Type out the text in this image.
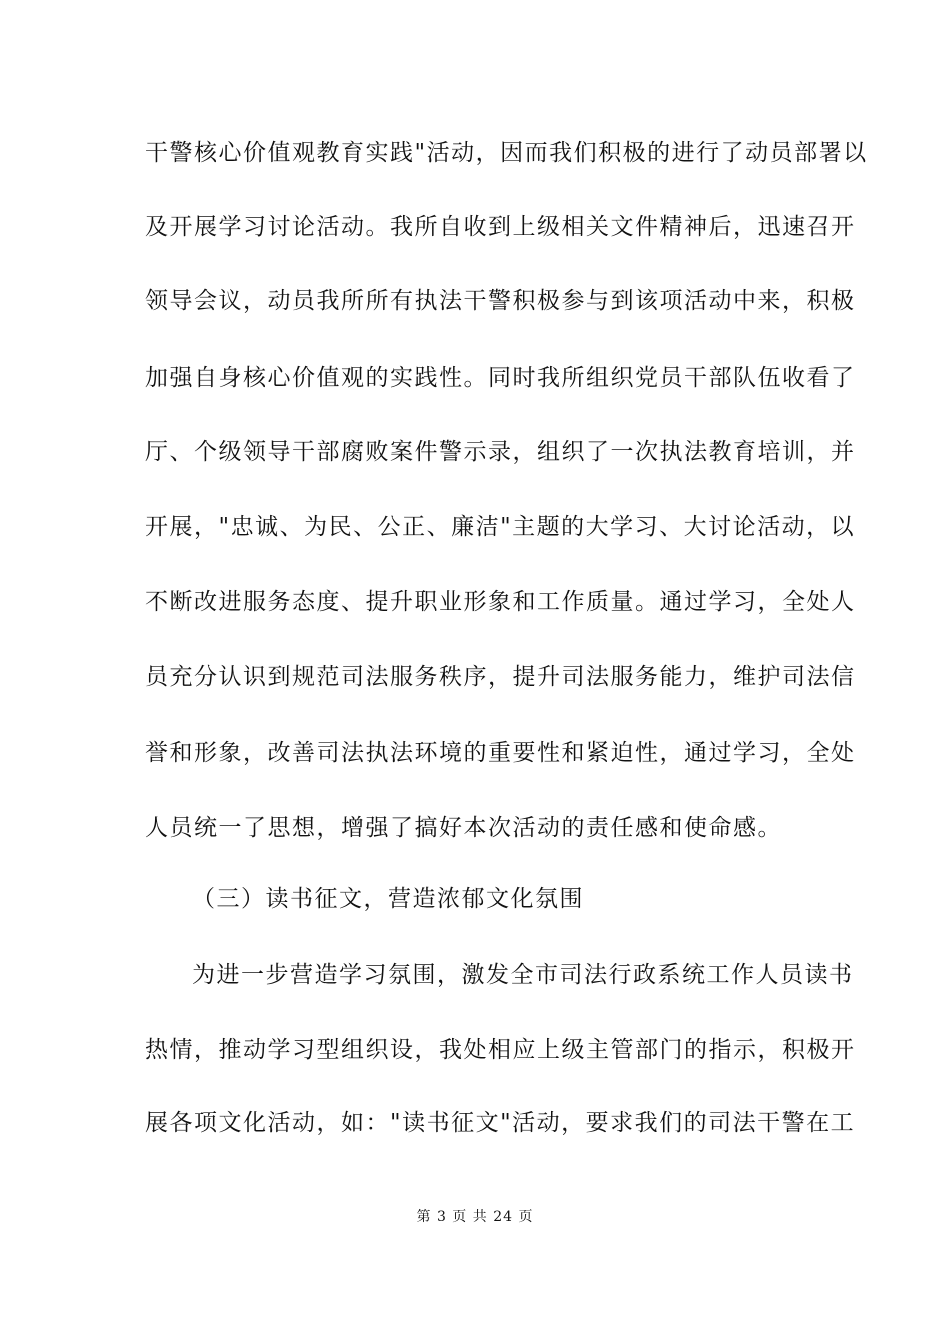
干警核心价值观教育实践"活动，因而我们积极的进行了动员部署以
及开展学习讨论活动。我所自收到上级相关文件精神后，迅速召开
领导会议，动员我所所有执法干警积极参与到该项活动中来，积极
加强自身核心价值观的实践性。同时我所组织党员干部队伍收看了
厅、个级领导干部腐败案件警示录，组织了一次执法教育培训，并
开展，"忠诚、为民、公正、廉洁"主题的大学习、大讨论活动，以
不断改进服务态度、提升职业形象和工作质量。通过学习，全处人
员充分认识到规范司法服务秩序，提升司法服务能力，维护司法信
誉和形象，改善司法执法环境的重要性和紧迫性，通过学习，全处
人员统一了思想，增强了搞好本次活动的责任感和使命感。
（三）读书征文，营造浓郁文化氛围
为进一步营造学习氛围，激发全市司法行政系统工作人员读书
热情，推动学习型组织设，我处相应上级主管部门的指示，积极开
展各项文化活动，如："读书征文"活动，要求我们的司法干警在工
第 3 页 共 24 页
